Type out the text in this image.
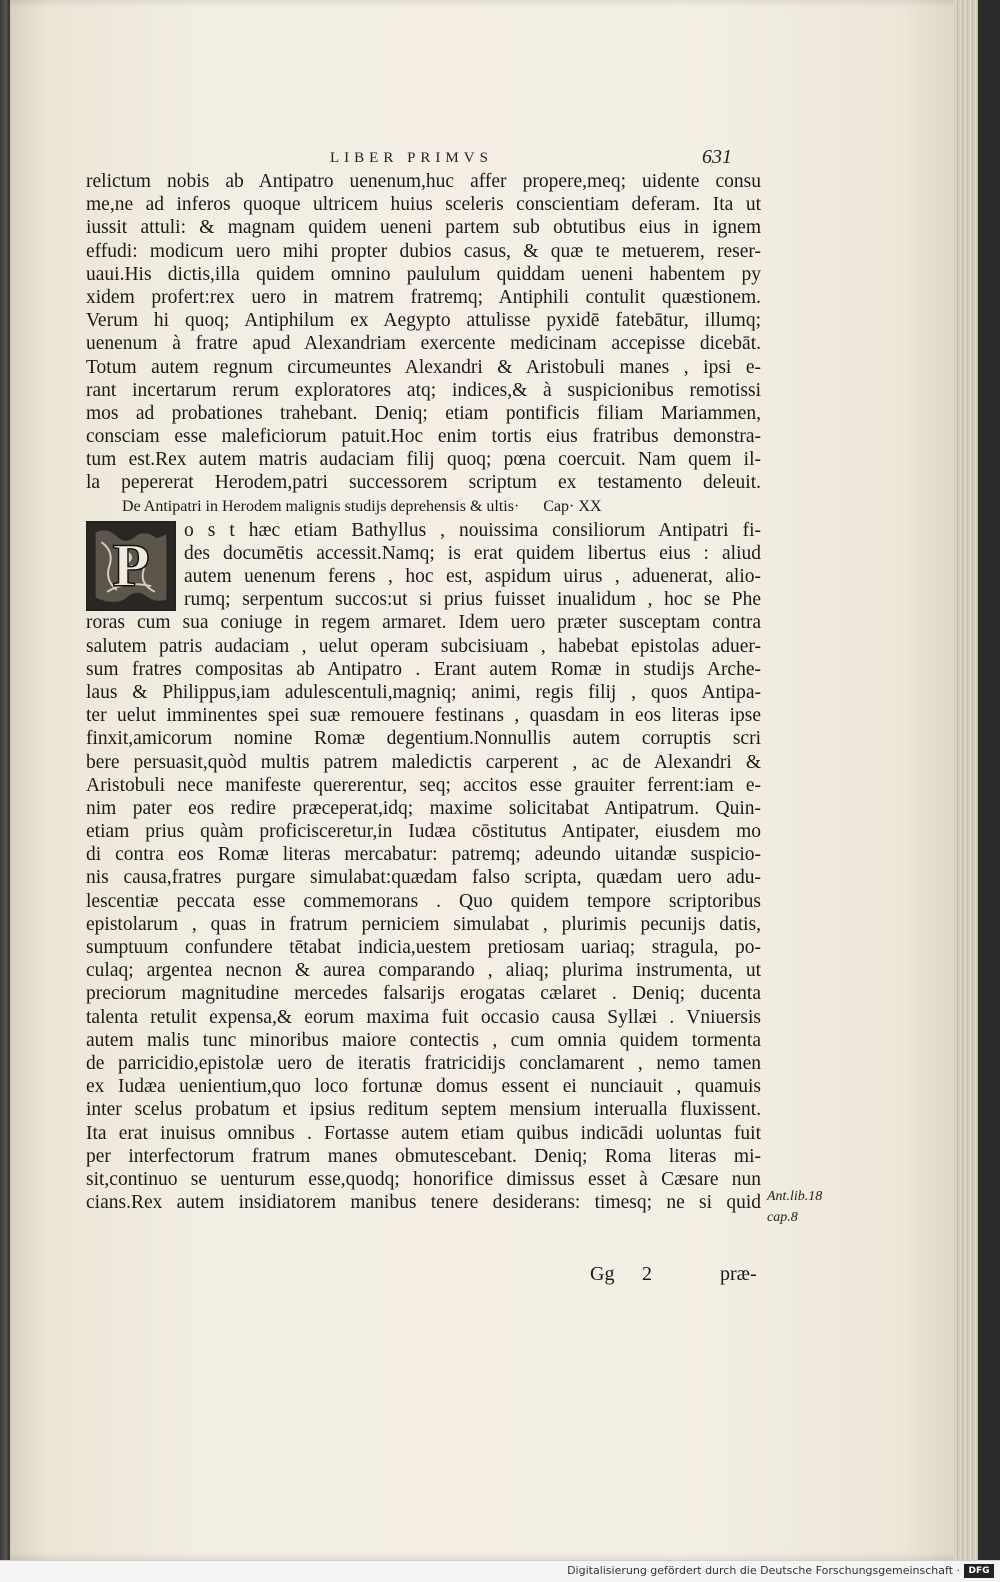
LIBER PRIMVS	631
relictum nobis ab Antipatro uenenum,huc affer propere,meq; uidente consu
me,ne ad inferos quoque ultricem huius sceleris conscientiam deferam. Ita ut
iussit attuli: & magnam quidem ueneni partem sub obtutibus eius in ignem
effudi: modicum uero mihi propter dubios casus, & quæ te metuerem, reser-
uaui.His dictis,illa quidem omnino paululum quiddam ueneni habentem py
xidem profert:rex uero in matrem fratremq; Antiphili contulit quæstionem.
Verum hi quoq; Antiphilum ex Aegypto attulisse pyxidē fatebātur, illumq;
uenenum à fratre apud Alexandriam exercente medicinam accepisse dicebāt.
Totum autem regnum circumeuntes Alexandri & Aristobuli manes , ipsi e-
rant incertarum rerum exploratores atq; indices,& à suspicionibus remotissi
mos ad probationes trahebant. Deniq; etiam pontificis filiam Mariammen,
consciam esse maleficiorum patuit.Hoc enim tortis eius fratribus demonstra-
tum est.Rex autem matris audaciam filij quoq; pœna coercuit. Nam quem il-
la pepererat Herodem,patri successorem scriptum ex testamento deleuit.
De Antipatri in Herodem malignis studijs deprehensis & ultis· Cap· XX
P
o s t hæc etiam Bathyllus , nouissima consiliorum Antipatri fi-
des documētis accessit.Namq; is erat quidem libertus eius : aliud
autem uenenum ferens , hoc est, aspidum uirus , aduenerat, alio-
rumq; serpentum succos:ut si prius fuisset inualidum , hoc se Phe
roras cum sua coniuge in regem armaret. Idem uero præter susceptam contra
salutem patris audaciam , uelut operam subcisiuam , habebat epistolas aduer-
sum fratres compositas ab Antipatro . Erant autem Romæ in studijs Arche-
laus & Philippus,iam adulescentuli,magniq; animi, regis filij , quos Antipa-
ter uelut imminentes spei suæ remouere festinans , quasdam in eos literas ipse
finxit,amicorum nomine Romæ degentium.Nonnullis autem corruptis scri
bere persuasit,quòd multis patrem maledictis carperent , ac de Alexandri &
Aristobuli nece manifeste quererentur, seq; accitos esse grauiter ferrent:iam e-
nim pater eos redire præceperat,idq; maxime solicitabat Antipatrum. Quin-
etiam prius quàm proficisceretur,in Iudæa cōstitutus Antipater, eiusdem mo
di contra eos Romæ literas mercabatur: patremq; adeundo uitandæ suspicio-
nis causa,fratres purgare simulabat:quædam falso scripta, quædam uero adu-
lescentiæ peccata esse commemorans . Quo quidem tempore scriptoribus
epistolarum , quas in fratrum perniciem simulabat , plurimis pecunijs datis,
sumptuum confundere tētabat indicia,uestem pretiosam uariaq; stragula, po-
culaq; argentea necnon & aurea comparando , aliaq; plurima instrumenta, ut
preciorum magnitudine mercedes falsarijs erogatas cælaret . Deniq; ducenta
talenta retulit expensa,& eorum maxima fuit occasio causa Syllæi . Vniuersis
autem malis tunc minoribus maiore contectis , cum omnia quidem tormenta
de parricidio,epistolæ uero de iteratis fratricidijs conclamarent , nemo tamen
ex Iudæa uenientium,quo loco fortunæ domus essent ei nunciauit , quamuis
inter scelus probatum et ipsius reditum septem mensium interualla fluxissent.
Ita erat inuisus omnibus . Fortasse autem etiam quibus indicādi uoluntas fuit
per interfectorum fratrum manes obmutescebant. Deniq; Roma literas mi-
sit,continuo se uenturum esse,quodq; honorifice dimissus esset à Cæsare nun
cians.Rex autem insidiatorem manibus tenere desiderans: timesq; ne si quid Ant.lib.18
cap.8
Gg 2	præ-
Digitalisierung gefördert durch die Deutsche Forschungsgemeinschaft · DFG
